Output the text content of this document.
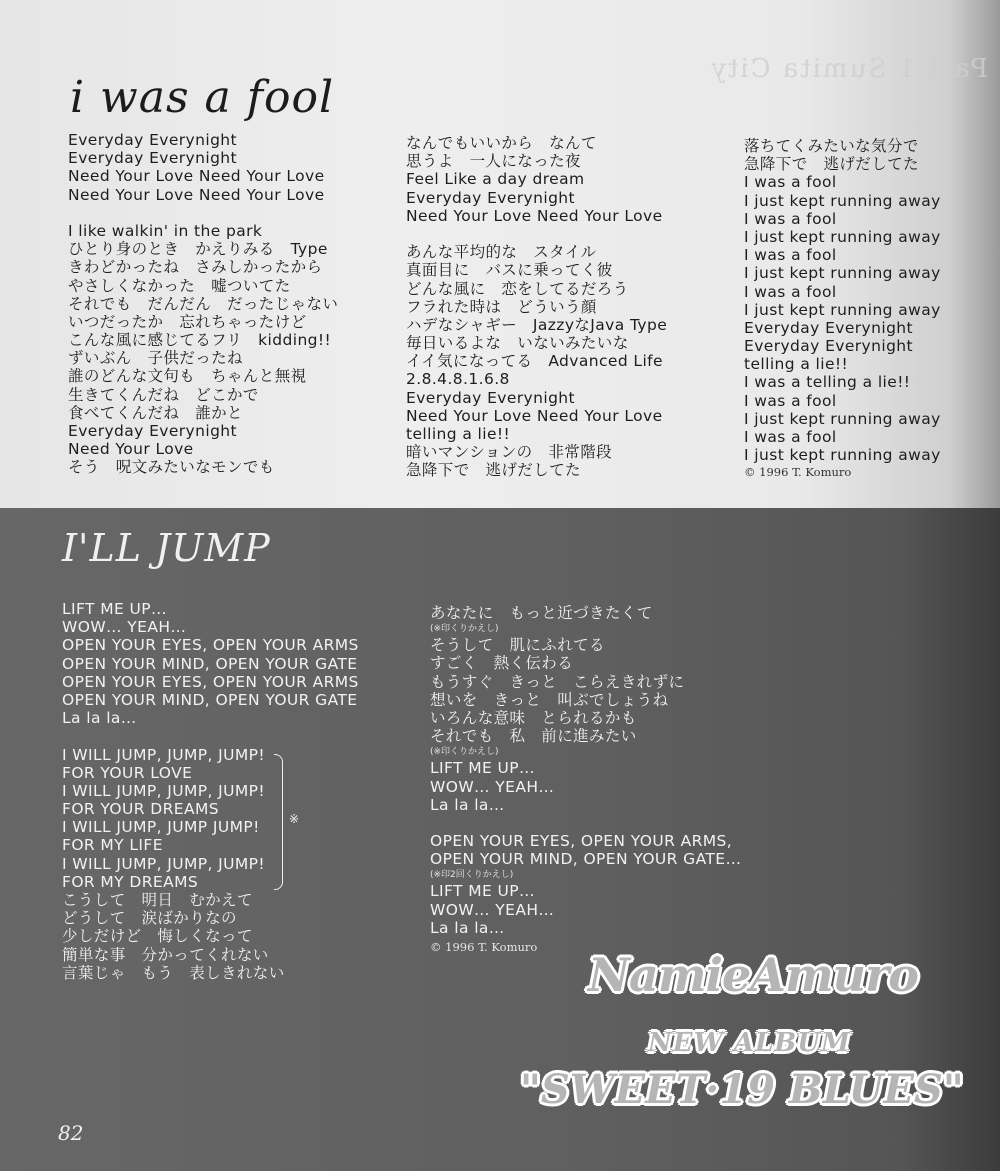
Part 1 Sumita City
i was a fool
Everyday Everynight
Everyday Everynight
Need Your Love Need Your Love
Need Your Love Need Your Love
I like walkin' in the park
ひとり身のとき　かえりみる　Type
きわどかったね　さみしかったから
やさしくなかった　嘘ついてた
それでも　だんだん　だったじゃない
いつだったか　忘れちゃったけど
こんな風に感じてるフリ　kidding!!
ずいぶん　子供だったね
誰のどんな文句も　ちゃんと無視
生きてくんだね　どこかで
食べてくんだね　誰かと
Everyday Everynight
Need Your Love
そう　呪文みたいなモンでも
なんでもいいから　なんて
思うよ　一人になった夜
Feel Like a day dream
Everyday Everynight
Need Your Love Need Your Love
あんな平均的な　スタイル
真面目に　バスに乗ってく彼
どんな風に　恋をしてるだろう
フラれた時は　どういう顔
ハデなシャギー　JazzyなJava Type
毎日いるよな　いないみたいな
イイ気になってる　Advanced Life
2.8.4.8.1.6.8
Everyday Everynight
Need Your Love Need Your Love
telling a lie!!
暗いマンションの　非常階段
急降下で　逃げだしてた
落ちてくみたいな気分で
急降下で　逃げだしてた
I was a fool
I just kept running away
I was a fool
I just kept running away
I was a fool
I just kept running away
I was a fool
I just kept running away
Everyday Everynight
Everyday Everynight
telling a lie!!
I was a telling a lie!!
I was a fool
I just kept running away
I was a fool
I just kept running away
© 1996 T. Komuro
I'LL JUMP
LIFT ME UP…
WOW… YEAH…
OPEN YOUR EYES, OPEN YOUR ARMS
OPEN YOUR MIND, OPEN YOUR GATE
OPEN YOUR EYES, OPEN YOUR ARMS
OPEN YOUR MIND, OPEN YOUR GATE
La la la…
I WILL JUMP, JUMP, JUMP!
FOR YOUR LOVE
I WILL JUMP, JUMP, JUMP!
FOR YOUR DREAMS
I WILL JUMP, JUMP JUMP!
FOR MY LIFE
I WILL JUMP, JUMP, JUMP!
FOR MY DREAMS
こうして　明日　むかえて
どうして　涙ばかりなの
少しだけど　悔しくなって
簡単な事　分かってくれない
言葉じゃ　もう　表しきれない
※
あなたに　もっと近づきたくて
(※印くりかえし)
そうして　肌にふれてる
すごく　熱く伝わる
もうすぐ　きっと　こらえきれずに
想いを　きっと　叫ぶでしょうね
いろんな意味　とられるかも
それでも　私　前に進みたい
(※印くりかえし)
LIFT ME UP…
WOW… YEAH…
La la la…
OPEN YOUR EYES, OPEN YOUR ARMS,
OPEN YOUR MIND, OPEN YOUR GATE…
(※印2回くりかえし)
LIFT ME UP…
WOW… YEAH…
La la la…
© 1996 T. Komuro
82
NamieAmuro
NEW ALBUM
"SWEET·19 BLUES"
